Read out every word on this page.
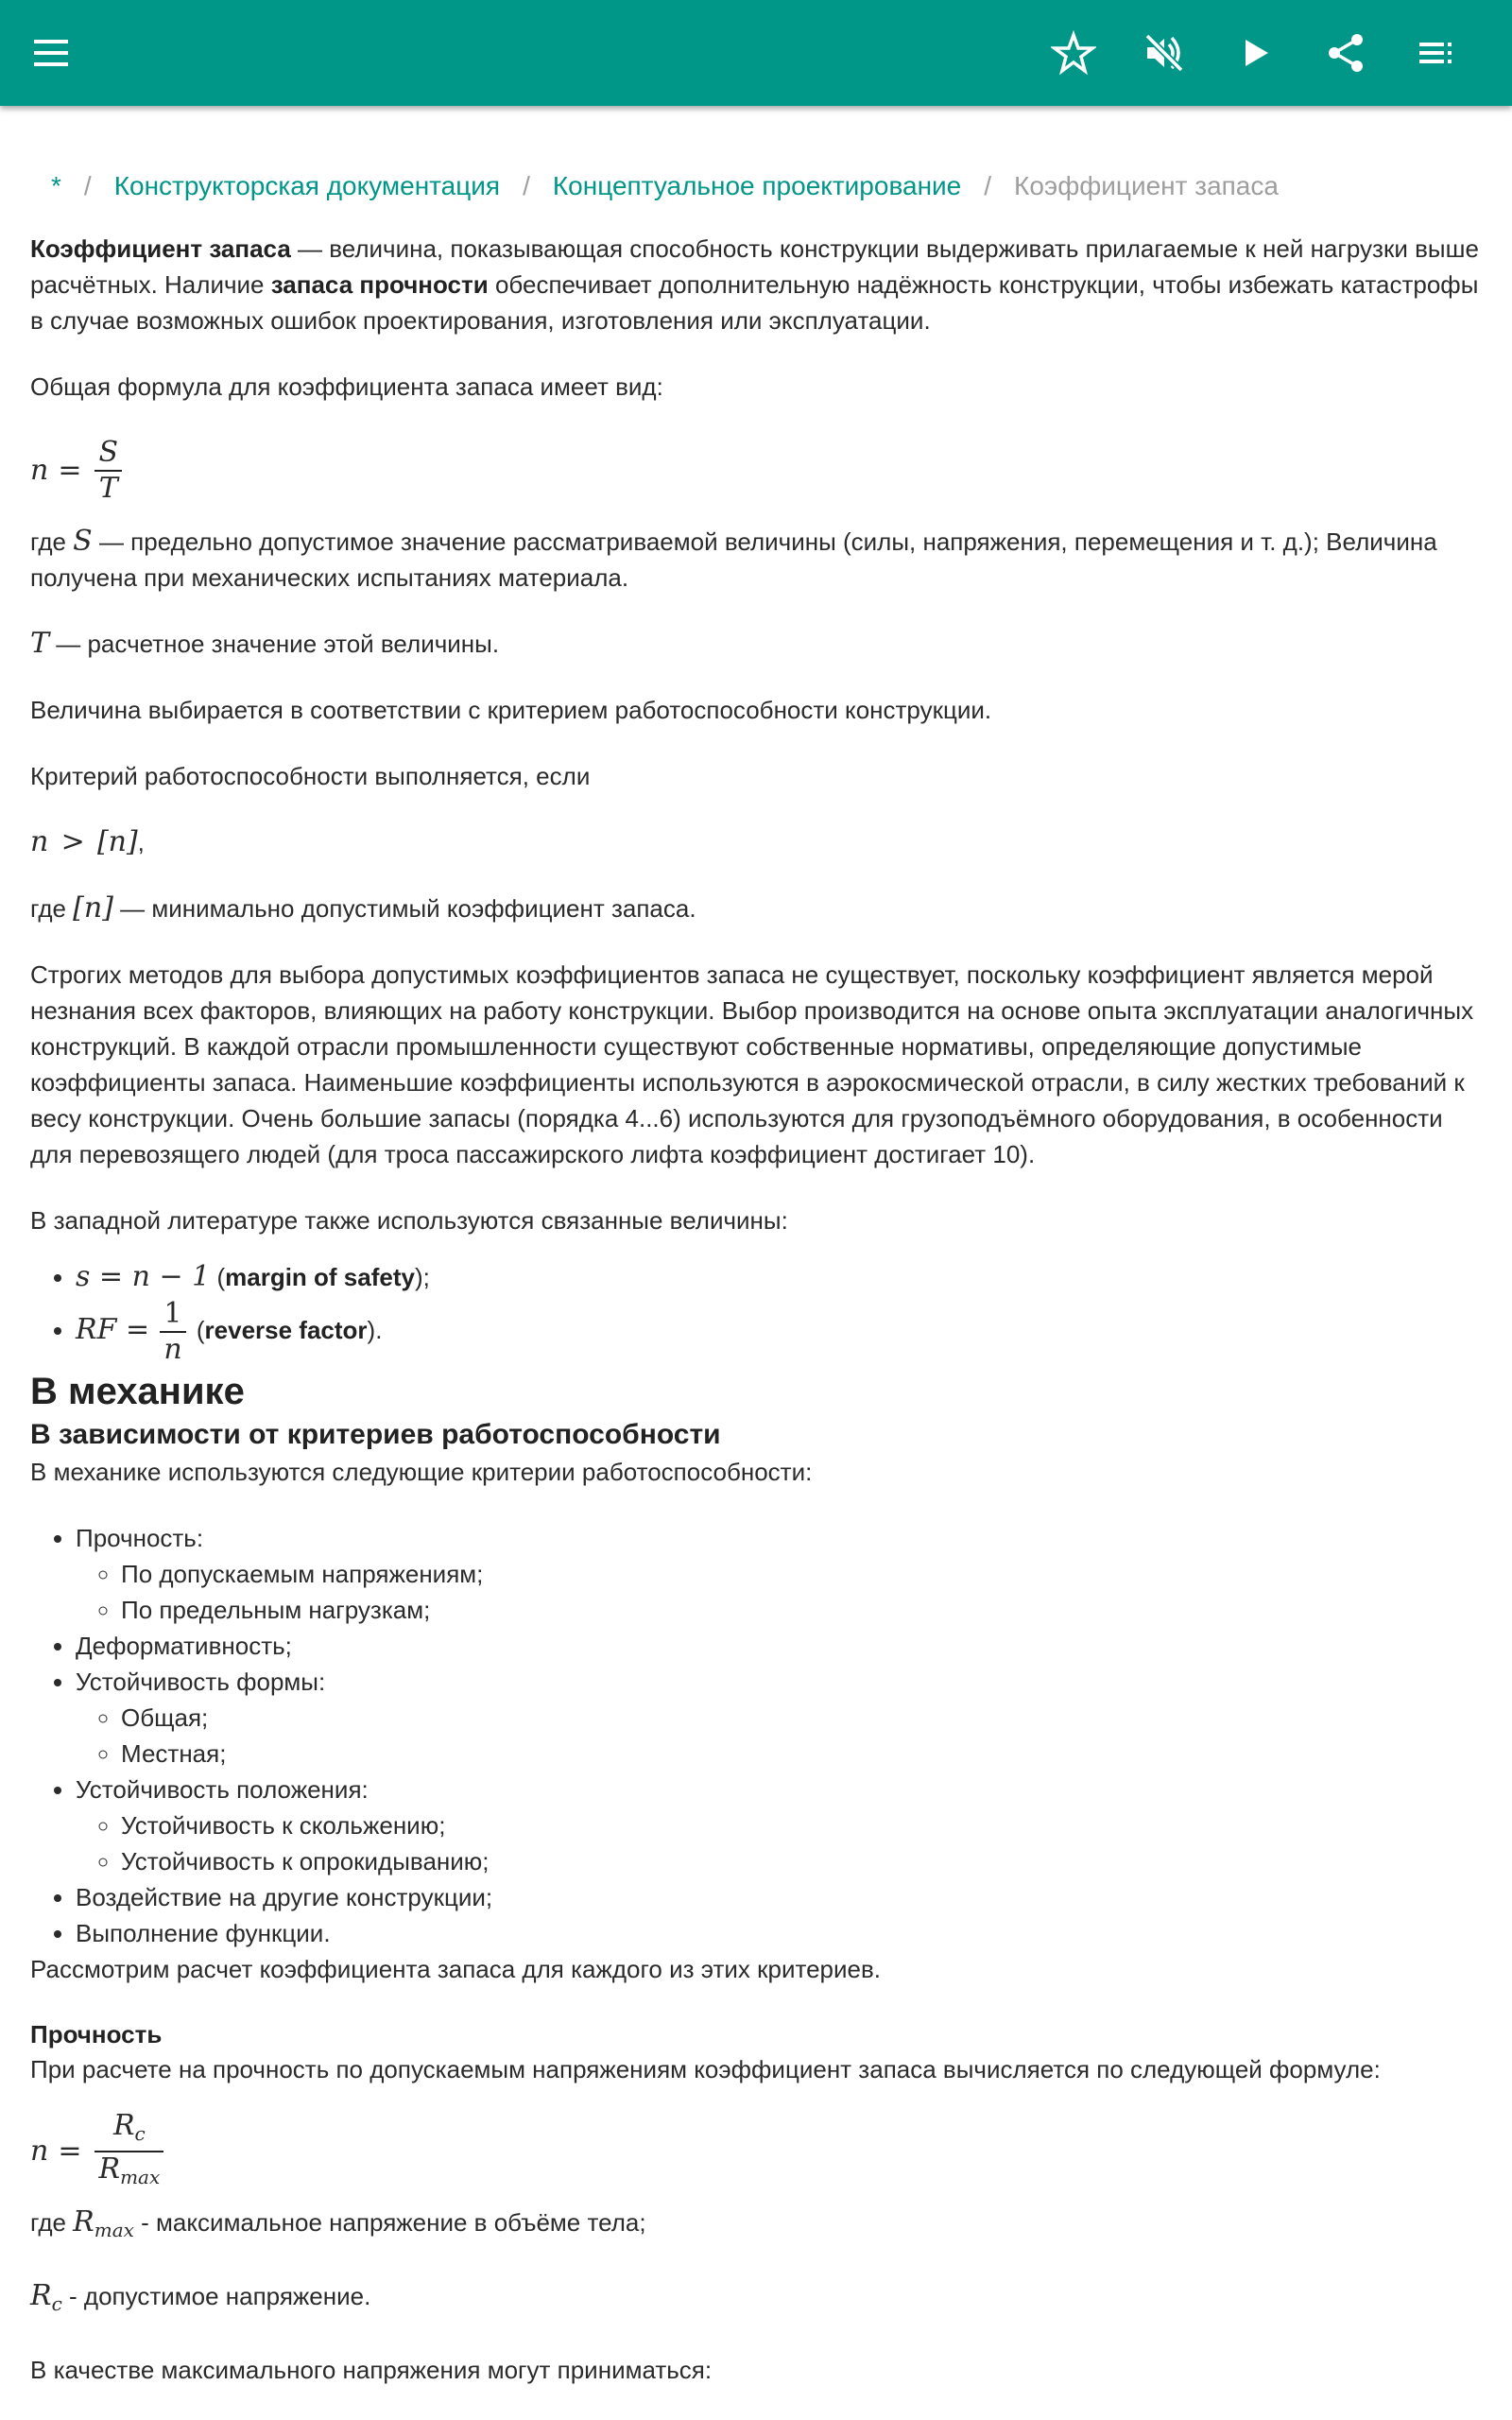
* / Конструкторская документация / Концептуальное проектирование / Коэффициент запаса

Коэффициент запаса — величина, показывающая способность конструкции выдерживать прилагаемые к ней нагрузки выше расчётных. Наличие запаса прочности обеспечивает дополнительную надёжность конструкции, чтобы избежать катастрофы в случае возможных ошибок проектирования, изготовления или эксплуатации.

Общая формула для коэффициента запаса имеет вид:

$n = \frac{S}{T}$

где S — предельно допустимое значение рассматриваемой величины (силы, напряжения, перемещения и т. д.); Величина получена при механических испытаниях материала.

T — расчетное значение этой величины.

Величина выбирается в соответствии с критерием работоспособности конструкции.

Критерий работоспособности выполняется, если

n > [n],

где [n] — минимально допустимый коэффициент запаса.

Строгих методов для выбора допустимых коэффициентов запаса не существует, поскольку коэффициент является мерой незнания всех факторов, влияющих на работу конструкции. Выбор производится на основе опыта эксплуатации аналогичных конструкций. В каждой отрасли промышленности существуют собственные нормативы, определяющие допустимые коэффициенты запаса. Наименьшие коэффициенты используются в аэрокосмической отрасли, в силу жестких требований к весу конструкции. Очень большие запасы (порядка 4...6) используются для грузоподъёмного оборудования, в особенности для перевозящего людей (для троса пассажирского лифта коэффициент достигает 10).

В западной литературе также используются связанные величины:

• s = n − 1 (margin of safety);
• RF = $\frac{1}{n}$ (reverse factor).
В механике
В зависимости от критериев работоспособности

В механике используются следующие критерии работоспособности:

• Прочность:
◦ По допускаемым напряжениям;
◦ По предельным нагрузкам;
• Деформативность;
• Устойчивость формы:
◦ Общая;
◦ Местная;
• Устойчивость положения:
◦ Устойчивость к скольжению;
◦ Устойчивость к опрокидыванию;
• Воздействие на другие конструкции;
• Выполнение функции.

Рассмотрим расчет коэффициента запаса для каждого из этих критериев.

Прочность

При расчете на прочность по допускаемым напряжениям коэффициент запаса вычисляется по следующей формуле:

$n = \frac{R_c}{R_{max}}$

где $R_{max}$ - максимальное напряжение в объёме тела;

$R_c$ - допустимое напряжение.

В качестве максимального напряжения могут приниматься:
